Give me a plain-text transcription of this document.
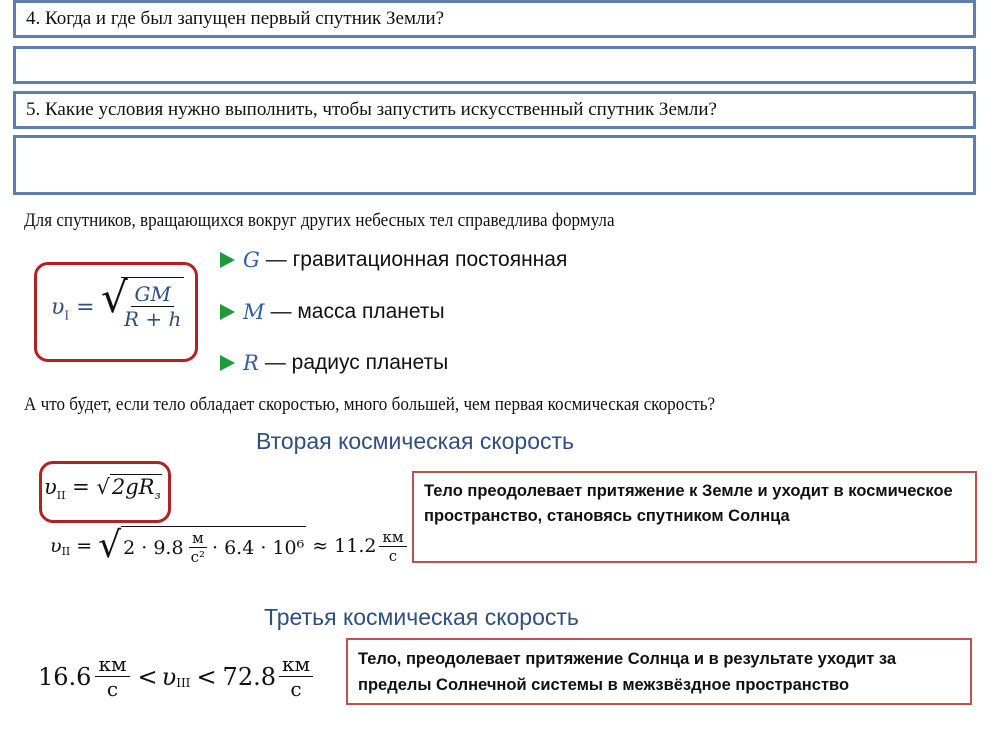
4. Когда и где был запущен первый спутник Земли?
5. Какие условия нужно выполнить, чтобы запустить искусственный спутник Земли?
Для спутников, вращающихся вокруг других небесных тел справедлива формула
$\upsilon_I$ = √
$\frac{GM}{R + h}$
G — гравитационная постоянная
M — масса планеты
R — радиус планеты
А что будет, если тело обладает скоростью, много большей, чем первая космическая скорость?
Вторая космическая скорость
$\upsilon_{II} = √2gR_з$
$\upsilon_{II}$ = √ $2 \cdot 9.8 \frac{м}{\text{с²}} \cdot 6.4 \cdot 10^6 \approx 11.2 \frac{км}{с}$
Тело преодолевает притяжение к Земле и уходит в космическое пространство, становясь спутником Солнца
Третья космическая скорость
$16.6 \frac{км}{с} < \upsilon_{III} < 72.8 \frac{км}{с}$	Тело, преодолевает притяжение Солнца и в результате уходит за пределы Солнечной системы в межзвёздное пространство
